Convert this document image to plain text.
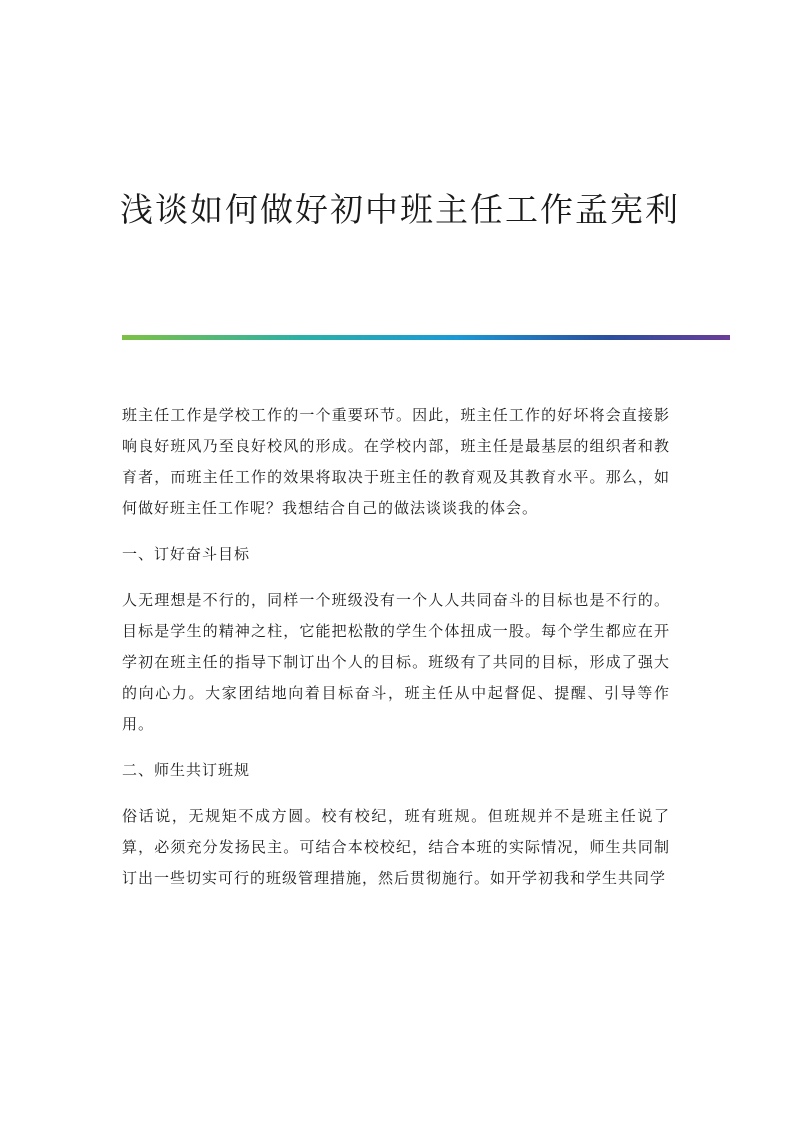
浅谈如何做好初中班主任工作孟宪利

班主任工作是学校工作的一个重要环节。因此，班主任工作的好坏将会直接影响良好班风乃至良好校风的形成。在学校内部，班主任是最基层的组织者和教育者，而班主任工作的效果将取决于班主任的教育观及其教育水平。那么，如何做好班主任工作呢？我想结合自己的做法谈谈我的体会。

一、订好奋斗目标

人无理想是不行的，同样一个班级没有一个人人共同奋斗的目标也是不行的。目标是学生的精神之柱，它能把松散的学生个体扭成一股。每个学生都应在开学初在班主任的指导下制订出个人的目标。班级有了共同的目标，形成了强大的向心力。大家团结地向着目标奋斗，班主任从中起督促、提醒、引导等作用。

二、师生共订班规

俗话说，无规矩不成方圆。校有校纪，班有班规。但班规并不是班主任说了算，必须充分发扬民主。可结合本校校纪，结合本班的实际情况，师生共同制订出一些切实可行的班级管理措施，然后贯彻施行。如开学初我和学生共同学
